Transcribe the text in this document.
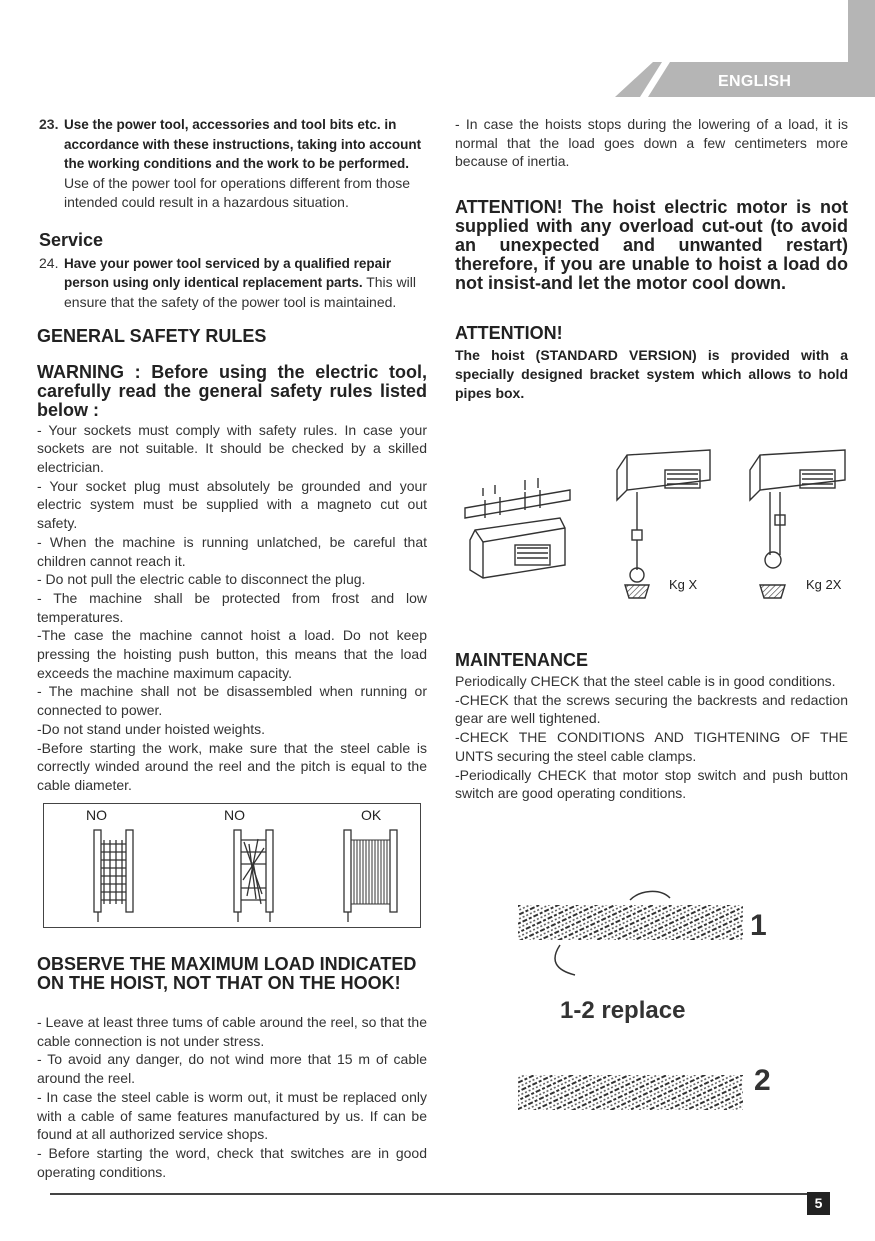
ENGLISH
23. Use the power tool, accessories and tool bits etc. in accordance with these instructions, taking into account the working conditions and the work to be performed. Use of the power tool for operations different from those intended could result in a hazardous situation.
Service
24. Have your power tool serviced by a qualified repair person using only identical replacement parts. This will ensure that the safety of the power tool is maintained.
GENERAL SAFETY RULES
WARNING : Before using the electric tool, carefully read the general safety rules listed below :

- Your sockets must comply with safety rules. In case your sockets are not suitable. It should be checked by a skilled electrician.

- Your socket plug must absolutely be grounded and your electric system must be supplied with a magneto cut out safety.

- When the machine is running unlatched, be careful that children cannot reach it.

- Do not pull the electric cable to disconnect the plug.

- The machine shall be protected from frost and low temperatures.

-The case the machine cannot hoist a load. Do not keep pressing the hoisting push button, this means that the load exceeds the machine maximum capacity.

- The machine shall not be disassembled when running or connected to power.

-Do not stand under hoisted weights.

-Before starting the work, make sure that the steel cable is correctly winded around the reel and the pitch is equal to the cable diameter.

NO	NO	OK
OBSERVE THE MAXIMUM LOAD INDICATED ON THE HOIST, NOT THAT ON THE HOOK!

- Leave at least three tums of cable around the reel, so that the cable connection is not under stress.

- To avoid any danger, do not wind more that 15 m of cable around the reel.

- In case the steel cable is worm out, it must be replaced only with a cable of same features manufactured by us. If can be found at all authorized service shops.

- Before starting the word, check that switches are in good operating conditions.

- In case the hoists stops during the lowering of a load, it is normal that the load goes down a few centimeters more because of inertia.

ATTENTION! The hoist electric motor is not supplied with any overload cut-out (to avoid an unexpected and unwanted restart) therefore, if you are unable to hoist a load do not insist-and let the motor cool down.
ATTENTION!

The hoist (STANDARD VERSION) is provided with a specially designed bracket system which allows to hold pipes box.

Kg X	Kg 2X
MAINTENANCE

Periodically CHECK that the steel cable is in good conditions.

-CHECK that the screws securing the backrests and redaction gear are well tightened.

-CHECK THE CONDITIONS AND TIGHTENING OF THE UNTS securing the steel cable clamps.

-Periodically CHECK that motor stop switch and push button switch are good operating conditions.

1
2
1-2 replace
5
